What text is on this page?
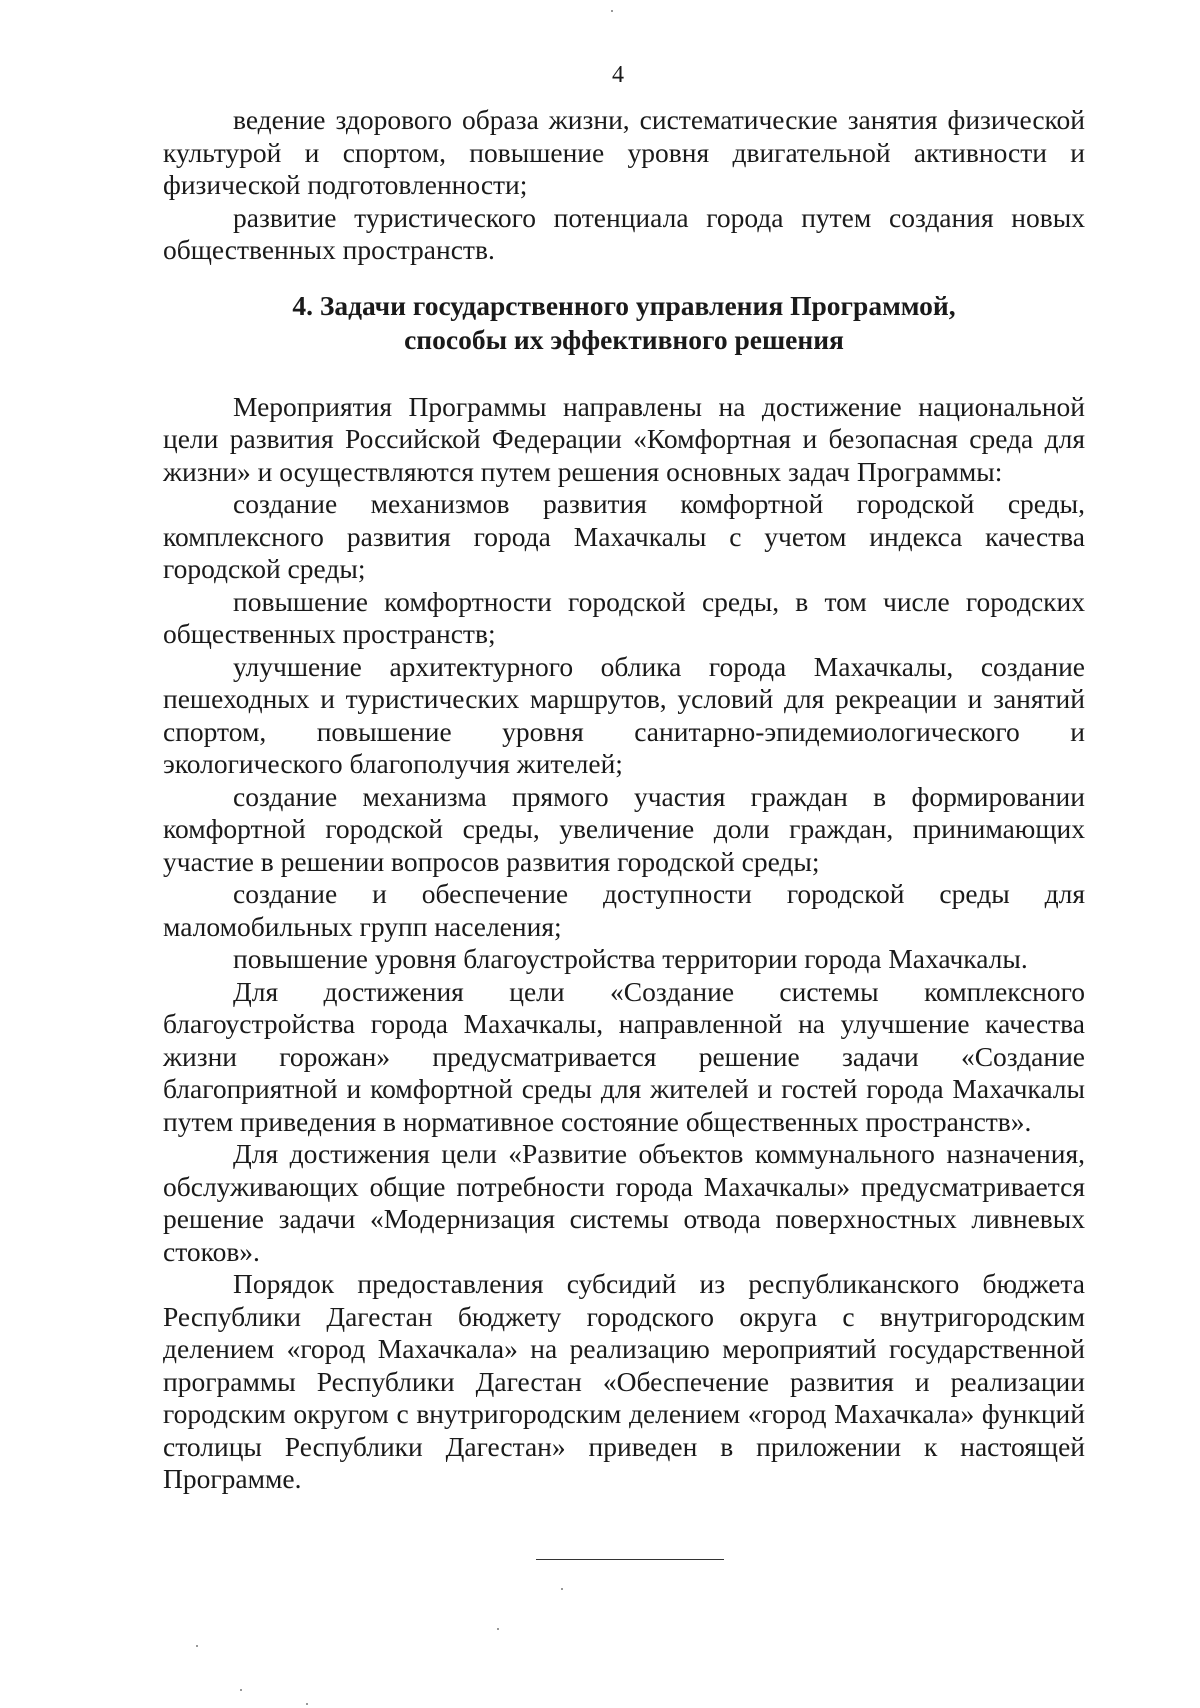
4

ведение здорового образа жизни, систематические занятия физической культурой и спортом, повышение уровня двигательной активности и физической подготовленности;

развитие туристического потенциала города путем создания новых общественных пространств.

4. Задачи государственного управления Программой,
способы их эффективного решения

Мероприятия Программы направлены на достижение национальной цели развития Российской Федерации «Комфортная и безопасная среда для жизни» и осуществляются путем решения основных задач Программы:

создание механизмов развития комфортной городской среды, комплексного развития города Махачкалы с учетом индекса качества городской среды;

повышение комфортности городской среды, в том числе городских общественных пространств;

улучшение архитектурного облика города Махачкалы, создание пешеходных и туристических маршрутов, условий для рекреации и занятий спортом, повышение уровня санитарно-эпидемиологического и экологического благополучия жителей;

создание механизма прямого участия граждан в формировании комфортной городской среды, увеличение доли граждан, принимающих участие в решении вопросов развития городской среды;

создание и обеспечение доступности городской среды для маломобильных групп населения;

повышение уровня благоустройства территории города Махачкалы.

Для достижения цели «Создание системы комплексного благоустройства города Махачкалы, направленной на улучшение качества жизни горожан» предусматривается решение задачи «Создание благоприятной и комфортной среды для жителей и гостей города Махачкалы путем приведения в нормативное состояние общественных пространств».

Для достижения цели «Развитие объектов коммунального назначения, обслуживающих общие потребности города Махачкалы» предусматривается решение задачи «Модернизация системы отвода поверхностных ливневых стоков».

Порядок предоставления субсидий из республиканского бюджета Республики Дагестан бюджету городского округа с внутригородским делением «город Махачкала» на реализацию мероприятий государственной программы Республики Дагестан «Обеспечение развития и реализации городским округом с внутригородским делением «город Махачкала» функций столицы Республики Дагестан» приведен в приложении к настоящей Программе.
